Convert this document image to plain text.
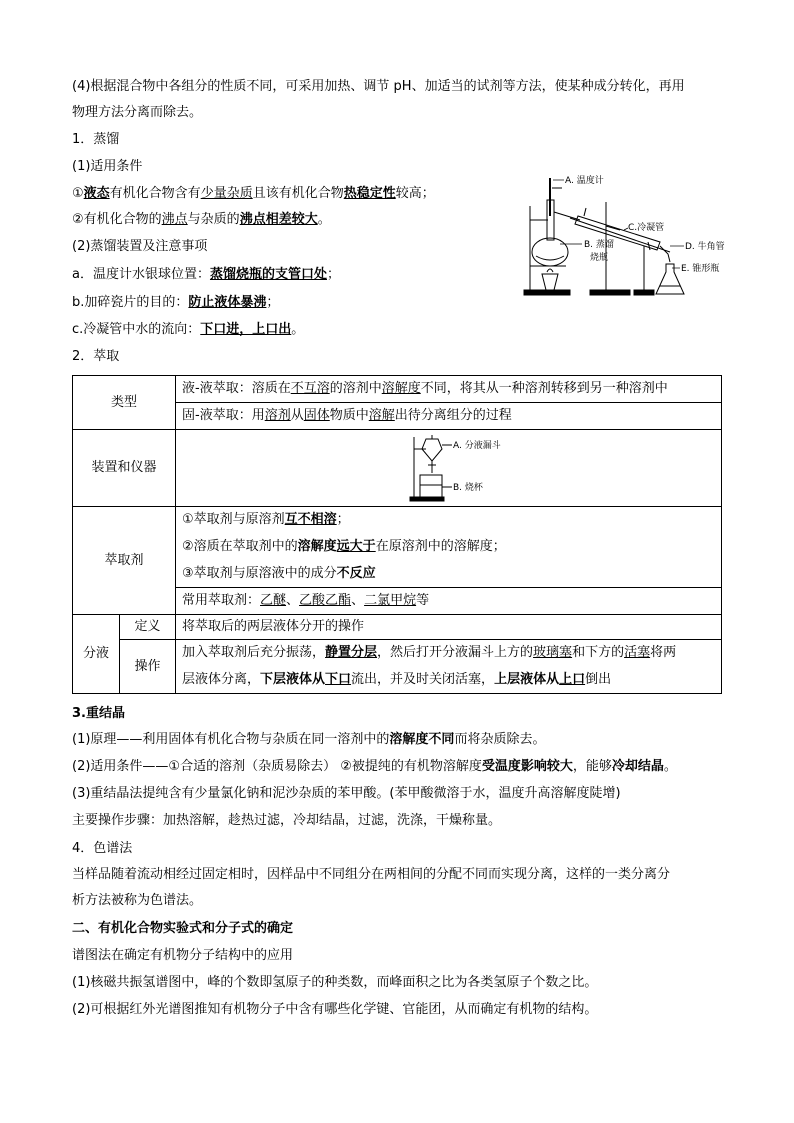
(4)根据混合物中各组分的性质不同，可采用加热、调节 pH、加适当的试剂等方法，使某种成分转化，再用
物理方法分离而除去。
1．蒸馏
(1)适用条件
①液态有机化合物含有少量杂质且该有机化合物热稳定性较高；
②有机化合物的沸点与杂质的沸点相差较大。
(2)蒸馏装置及注意事项
a．温度计水银球位置：蒸馏烧瓶的支管口处；
b.加碎瓷片的目的：防止液体暴沸；
c.冷凝管中水的流向：下口进，上口出。
A. 温度计
B. 蒸馏
烧瓶
C.冷凝管
D. 牛角管
E. 锥形瓶
2．萃取
类型		液-液萃取：溶质在不互溶的溶剂中溶解度不同，将其从一种溶剂转移到另一种溶剂中
		固-液萃取：用溶剂从固体物质中溶解出待分离组分的过程
装置和仪器		A. 分液漏斗
B. 烧杯

萃取剂		①萃取剂与原溶剂互不相溶；
		②溶质在萃取剂中的溶解度远大于在原溶剂中的溶解度；
		③萃取剂与原溶液中的成分不反应
		常用萃取剂：乙醚、乙酸乙酯、二氯甲烷等
分液	定义	将萃取后的两层液体分开的操作
	操作	加入萃取剂后充分振荡，静置分层，然后打开分液漏斗上方的玻璃塞和下方的活塞将两
		层液体分离，下层液体从下口流出，并及时关闭活塞，上层液体从上口倒出
3.重结晶
(1)原理——利用固体有机化合物与杂质在同一溶剂中的溶解度不同而将杂质除去。
(2)适用条件——①合适的溶剂（杂质易除去） ②被提纯的有机物溶解度受温度影响较大，能够冷却结晶。
(3)重结晶法提纯含有少量氯化钠和泥沙杂质的苯甲酸。(苯甲酸微溶于水，温度升高溶解度陡增)
主要操作步骤：加热溶解，趁热过滤，冷却结晶，过滤，洗涤，干燥称量。
4．色谱法
当样品随着流动相经过固定相时，因样品中不同组分在两相间的分配不同而实现分离，这样的一类分离分
析方法被称为色谱法。
二、有机化合物实验式和分子式的确定
谱图法在确定有机物分子结构中的应用
(1)核磁共振氢谱图中，峰的个数即氢原子的种类数，而峰面积之比为各类氢原子个数之比。
(2)可根据红外光谱图推知有机物分子中含有哪些化学键、官能团，从而确定有机物的结构。
